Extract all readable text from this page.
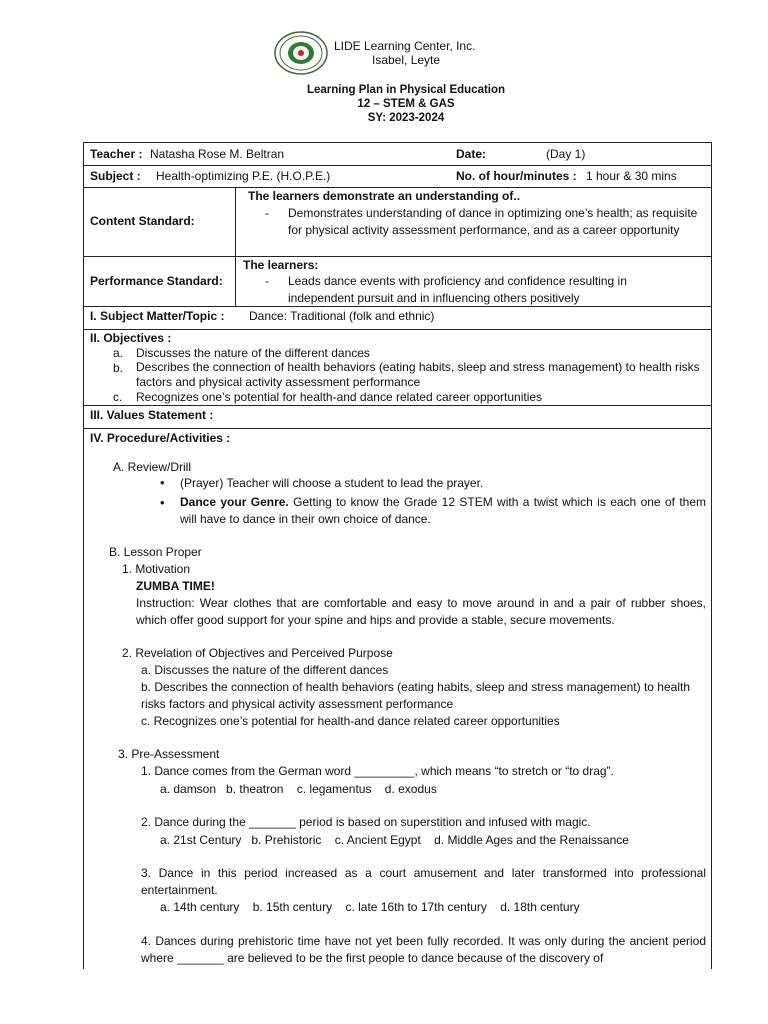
LIDE Learning Center, Inc.
Isabel, Leyte
Learning Plan in Physical Education
12 – STEM & GAS
SY: 2023-2024
Teacher : Natasha Rose M. Beltran	Date:	(Day 1)
Subject : Health-optimizing P.E. (H.O.P.E.)	No. of hour/minutes : 1 hour & 30 mins
Content Standard:
The learners demonstrate an understanding of..
- Demonstrates understanding of dance in optimizing one’s health; as requisite for physical activity assessment performance, and as a career opportunity
Performance Standard:
The learners:
- Leads dance events with proficiency and confidence resulting in independent pursuit and in influencing others positively
I. Subject Matter/Topic : Dance: Traditional (folk and ethnic)
II. Objectives :
a. Discusses the nature of the different dances
b. Describes the connection of health behaviors (eating habits, sleep and stress management) to health risks factors and physical activity assessment performance
c. Recognizes one’s potential for health-and dance related career opportunities
III. Values Statement :
IV. Procedure/Activities :
A. Review/Drill
• (Prayer) Teacher will choose a student to lead the prayer.
• Dance your Genre. Getting to know the Grade 12 STEM with a twist which is each one of them will have to dance in their own choice of dance.
B. Lesson Proper
1. Motivation
ZUMBA TIME!
Instruction: Wear clothes that are comfortable and easy to move around in and a pair of rubber shoes, which offer good support for your spine and hips and provide a stable, secure movements.
2. Revelation of Objectives and Perceived Purpose
a. Discusses the nature of the different dances
b. Describes the connection of health behaviors (eating habits, sleep and stress management) to health risks factors and physical activity assessment performance
c. Recognizes one’s potential for health-and dance related career opportunities
3. Pre-Assessment
1. Dance comes from the German word _________, which means “to stretch or “to drag”.
a. damson   b. theatron    c. legamentus    d. exodus
2. Dance during the _______ period is based on superstition and infused with magic.
a. 21st Century   b. Prehistoric    c. Ancient Egypt    d. Middle Ages and the Renaissance
3. Dance in this period increased as a court amusement and later transformed into professional entertainment.
a. 14th century    b. 15th century    c. late 16th to 17th century    d. 18th century
4. Dances during prehistoric time have not yet been fully recorded. It was only during the ancient period where _______ are believed to be the first people to dance because of the discovery of
